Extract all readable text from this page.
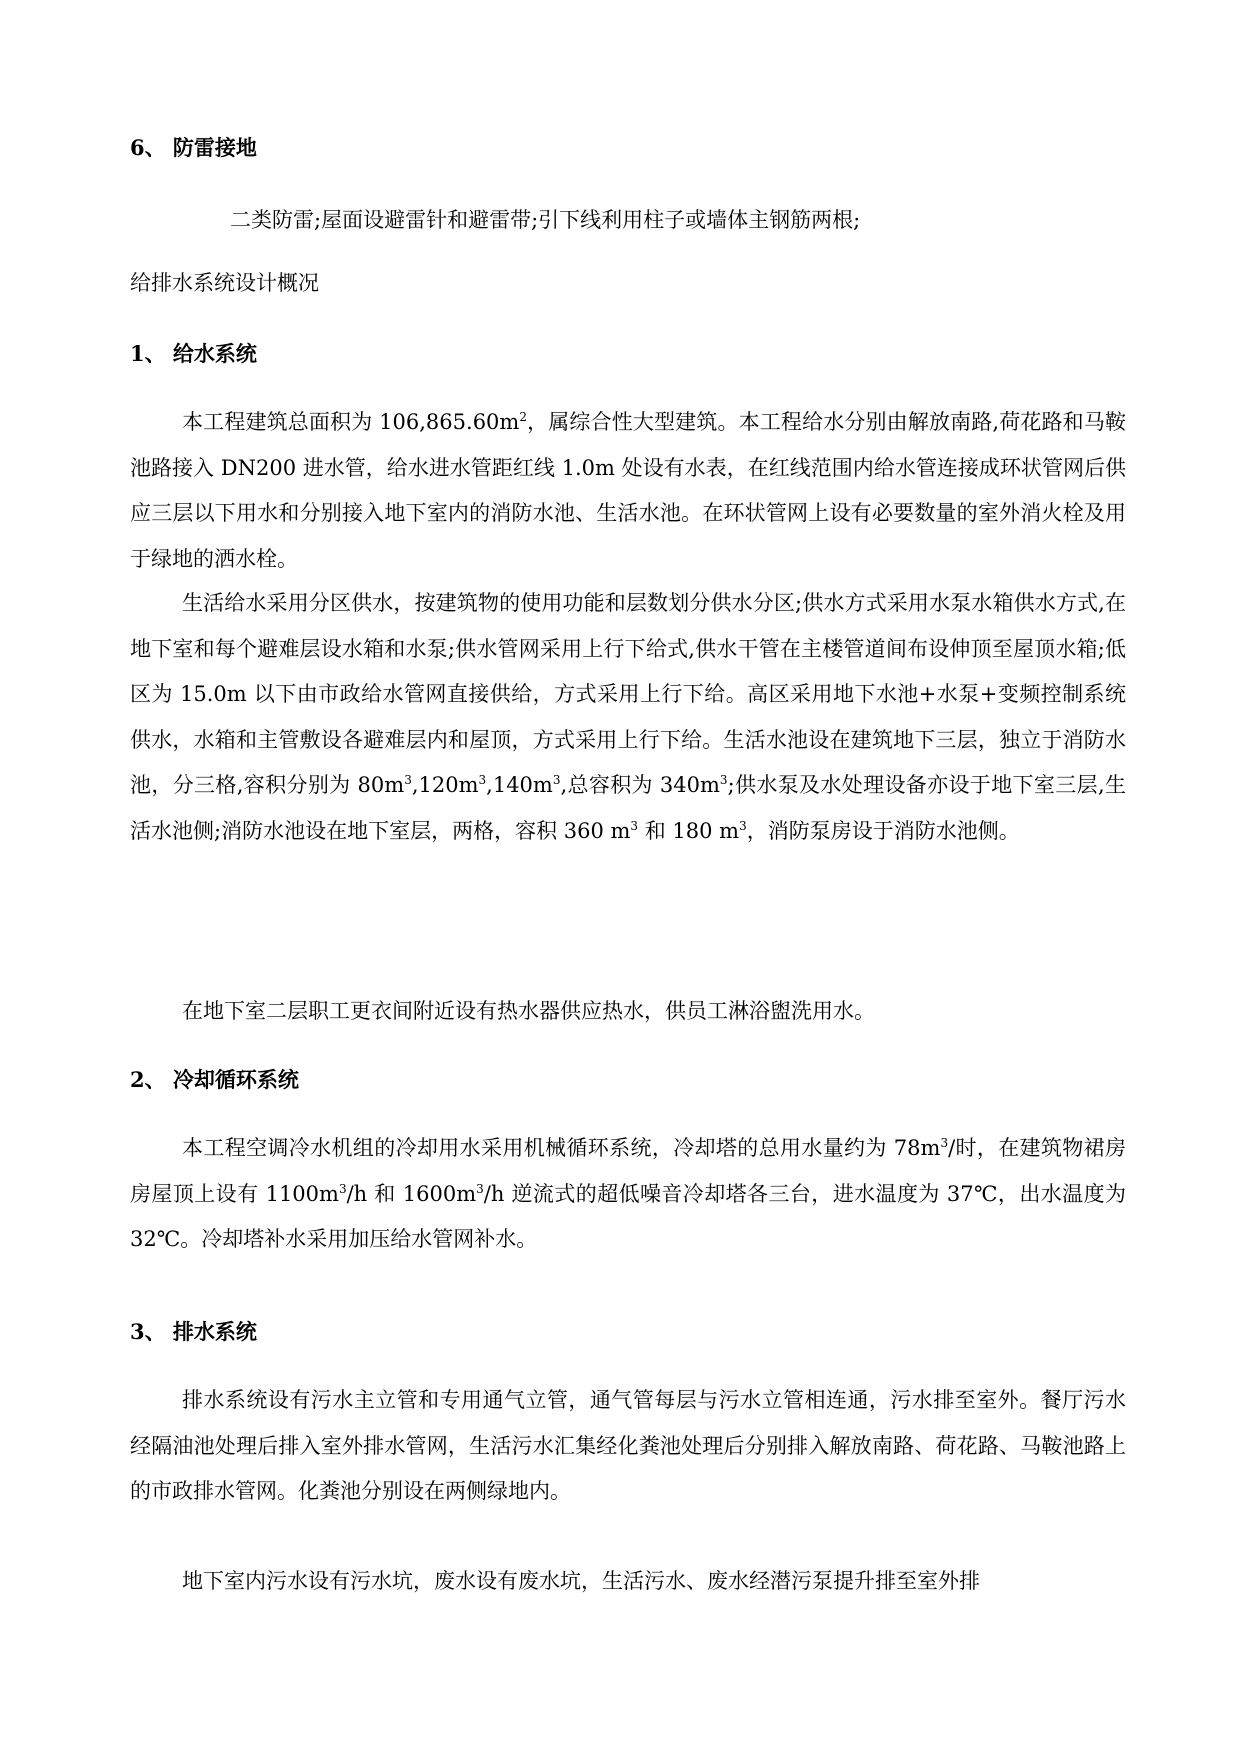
6、 防雷接地

二类防雷;屋面设避雷针和避雷带;引下线利用柱子或墙体主钢筋两根;

给排水系统设计概况
1、 给水系统

本工程建筑总面积为 $106,865.60m^2$，属综合性大型建筑。本工程给水分别由解放南路,荷花路和马鞍池路接入 DN200 进水管，给水进水管距红线 1.0m 处设有水表，在红线范围内给水管连接成环状管网后供应三层以下用水和分别接入地下室内的消防水池、生活水池。在环状管网上设有必要数量的室外消火栓及用于绿地的洒水栓。

生活给水采用分区供水，按建筑物的使用功能和层数划分供水分区;供水方式采用水泵水箱供水方式,在地下室和每个避难层设水箱和水泵;供水管网采用上行下给式,供水干管在主楼管道间布设伸顶至屋顶水箱;低区为 15.0m 以下由市政给水管网直接供给，方式采用上行下给。高区采用地下水池+水泵+变频控制系统供水，水箱和主管敷设各避难层内和屋顶，方式采用上行下给。生活水池设在建筑地下三层，独立于消防水池，分三格,容积分别为 $80m^3,120m^3,140m^3$,总容积为 $340m^3$;供水泵及水处理设备亦设于地下室三层,生活水池侧;消防水池设在地下室层，两格，容积 360 $m^3$ 和 180 $m^3$，消防泵房设于消防水池侧。

在地下室二层职工更衣间附近设有热水器供应热水，供员工淋浴盥洗用水。

2、 冷却循环系统

本工程空调冷水机组的冷却用水采用机械循环系统，冷却塔的总用水量约为 $78m^3/$时，在建筑物裙房房屋顶上设有 $1100m^3/h$ 和 $1600m^3/h$ 逆流式的超低噪音冷却塔各三台，进水温度为 37℃，出水温度为 32℃。冷却塔补水采用加压给水管网补水。

3、 排水系统

排水系统设有污水主立管和专用通气立管，通气管每层与污水立管相连通，污水排至室外。餐厅污水经隔油池处理后排入室外排水管网，生活污水汇集经化粪池处理后分别排入解放南路、荷花路、马鞍池路上的市政排水管网。化粪池分别设在两侧绿地内。

地下室内污水设有污水坑，废水设有废水坑，生活污水、废水经潜污泵提升排至室外排
